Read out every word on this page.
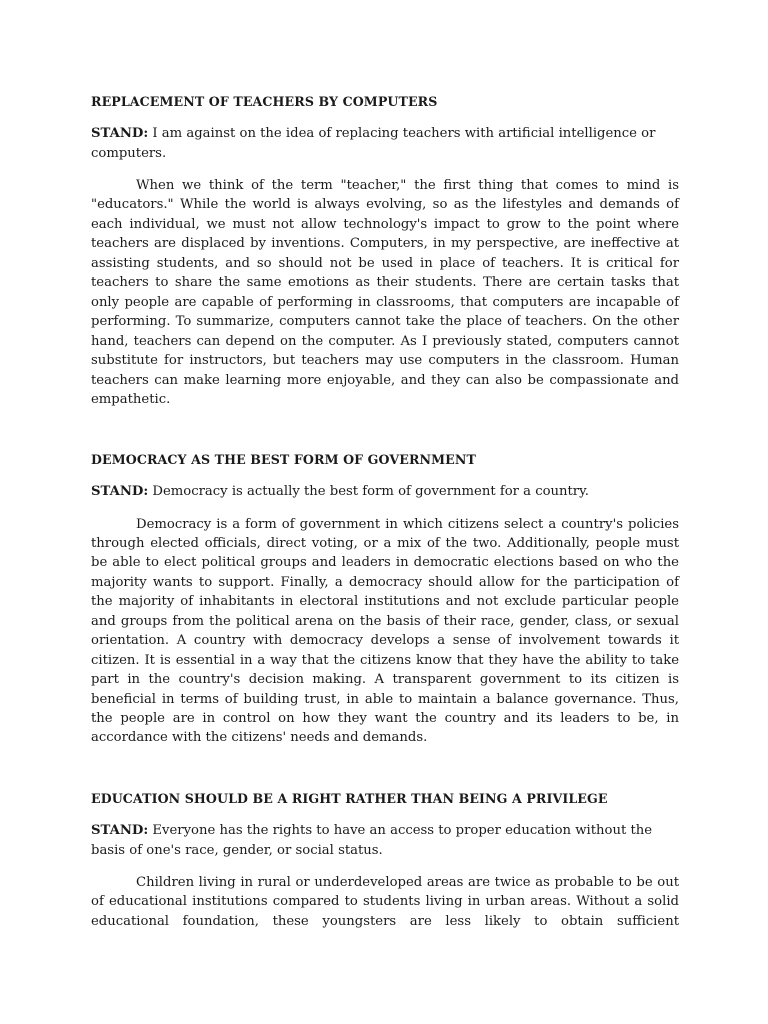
REPLACEMENT OF TEACHERS BY COMPUTERS

STAND: I am against on the idea of replacing teachers with artificial intelligence or computers.

When we think of the term "teacher," the first thing that comes to mind is "educators." While the world is always evolving, so as the lifestyles and demands of each individual, we must not allow technology's impact to grow to the point where teachers are displaced by inventions. Computers, in my perspective, are ineffective at assisting students, and so should not be used in place of teachers. It is critical for teachers to share the same emotions as their students. There are certain tasks that only people are capable of performing in classrooms, that computers are incapable of performing. To summarize, computers cannot take the place of teachers. On the other hand, teachers can depend on the computer. As I previously stated, computers cannot substitute for instructors, but teachers may use computers in the classroom. Human teachers can make learning more enjoyable, and they can also be compassionate and empathetic.

DEMOCRACY AS THE BEST FORM OF GOVERNMENT

STAND: Democracy is actually the best form of government for a country.

Democracy is a form of government in which citizens select a country's policies through elected officials, direct voting, or a mix of the two. Additionally, people must be able to elect political groups and leaders in democratic elections based on who the majority wants to support. Finally, a democracy should allow for the participation of the majority of inhabitants in electoral institutions and not exclude particular people and groups from the political arena on the basis of their race, gender, class, or sexual orientation. A country with democracy develops a sense of involvement towards it citizen. It is essential in a way that the citizens know that they have the ability to take part in the country's decision making. A transparent government to its citizen is beneficial in terms of building trust, in able to maintain a balance governance. Thus, the people are in control on how they want the country and its leaders to be, in accordance with the citizens' needs and demands.

EDUCATION SHOULD BE A RIGHT RATHER THAN BEING A PRIVILEGE

STAND: Everyone has the rights to have an access to proper education without the basis of one's race, gender, or social status.

Children living in rural or underdeveloped areas are twice as probable to be out of educational institutions compared to students living in urban areas. Without a solid educational foundation, these youngsters are less likely to obtain sufficient
